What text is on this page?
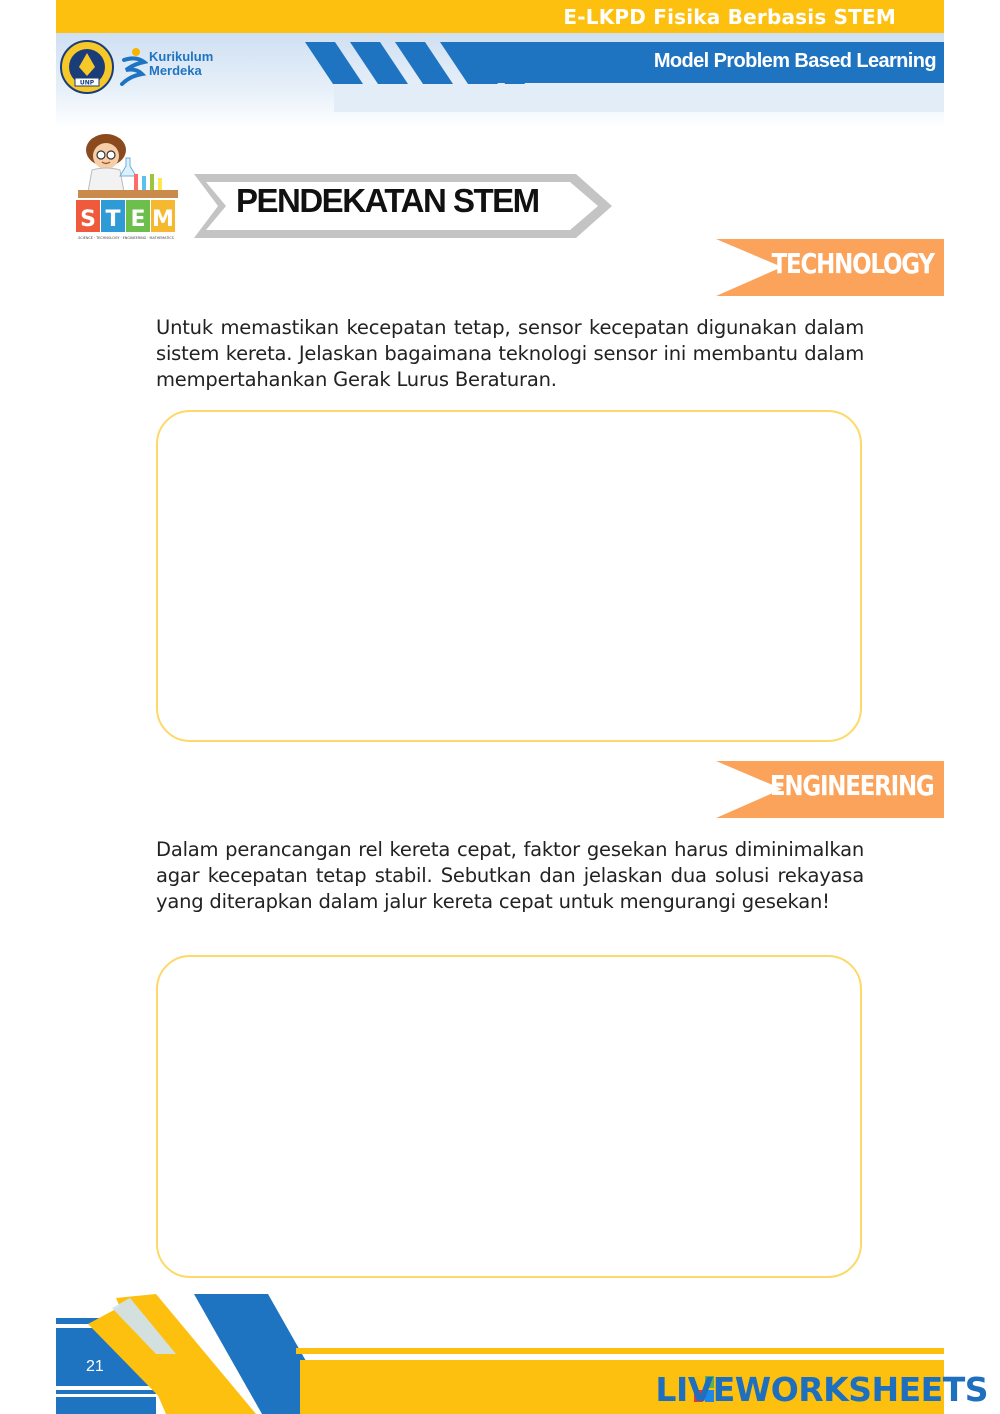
E-LKPD Fisika Berbasis STEM
Model Problem Based Learning
UNP
Kurikulum
Merdeka
S T E M
SCIENCE · TECHNOLOGY · ENGINEERING · MATHEMATICS
PENDEKATAN STEM
TECHNOLOGY
Untuk memastikan kecepatan tetap, sensor kecepatan digunakan dalam sistem kereta. Jelaskan bagaimana teknologi sensor ini membantu dalam mempertahankan Gerak Lurus Beraturan.
ENGINEERING
Dalam perancangan rel kereta cepat, faktor gesekan harus diminimalkan agar kecepatan tetap stabil. Sebutkan dan jelaskan dua solusi rekayasa yang diterapkan dalam jalur kereta cepat untuk mengurangi gesekan!
21
LIVEWORKSHEETS
